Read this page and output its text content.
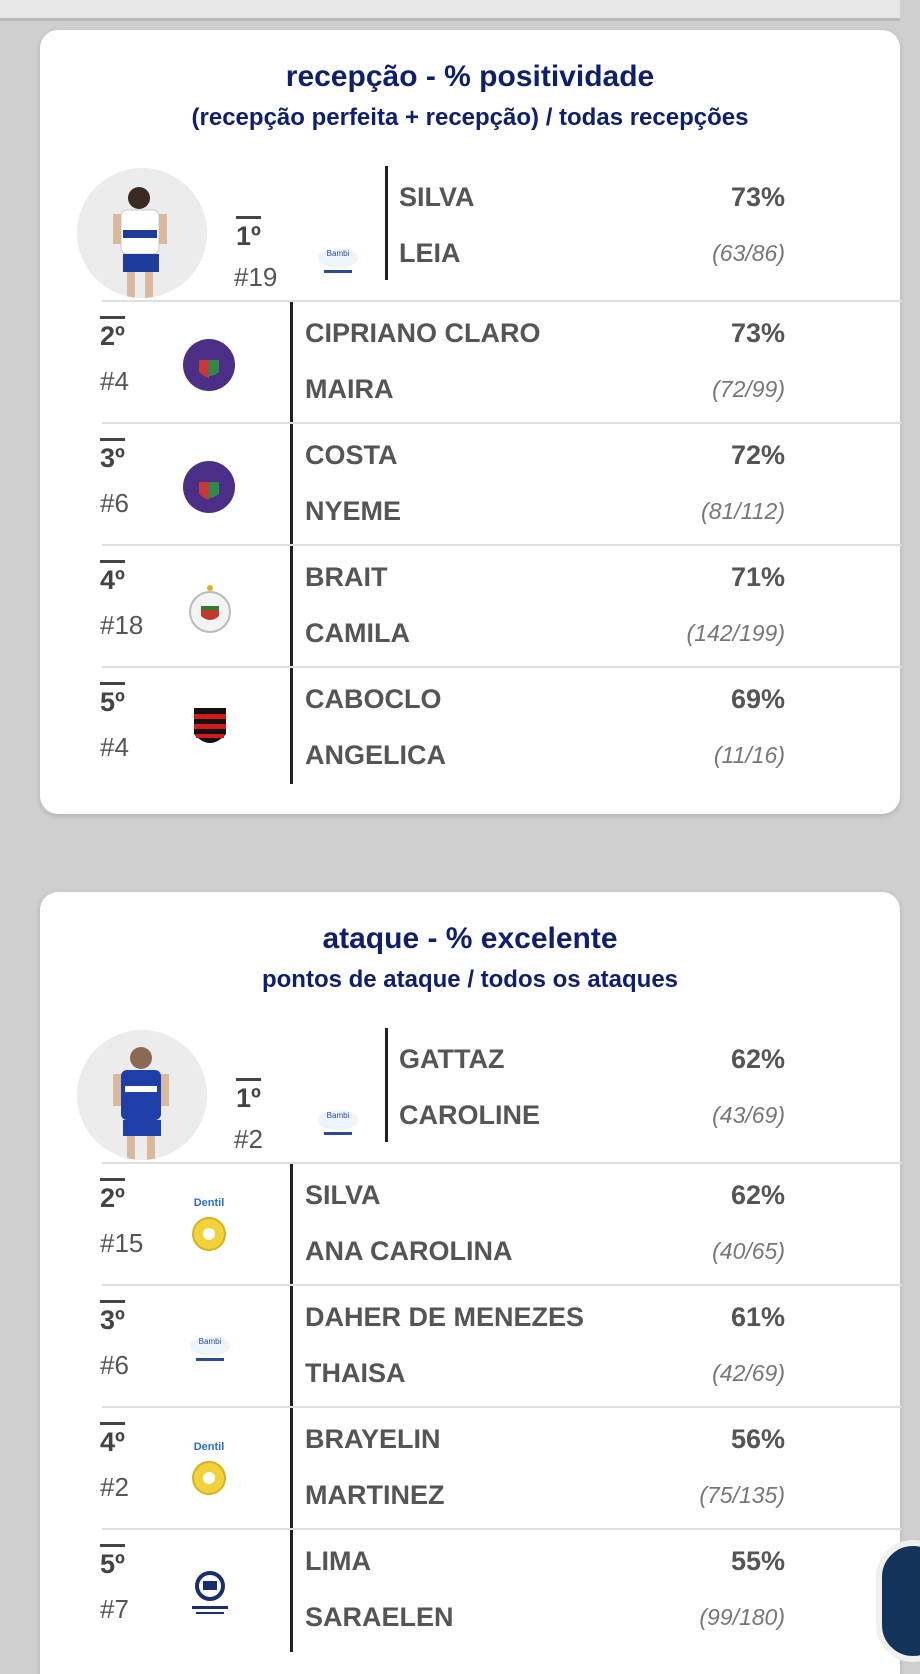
recepção - % positividade
(recepção perfeita + recepção) / todas recepções
1º
#19
Bambi
SILVA
LEIA
73%
(63/86)
2º
#4
CIPRIANO CLARO
MAIRA
73%
(72/99)
3º
#6
COSTA
NYEME
72%
(81/112)
4º
#18
BRAIT
CAMILA
71%
(142/199)
5º
#4
CABOCLO
ANGELICA
69%
(11/16)
ataque - % excelente
pontos de ataque / todos os ataques
1º
#2
Bambi
GATTAZ
CAROLINE
62%
(43/69)
2º
#15
Dentil	SILVA
ANA CAROLINA
62%
(40/65)
3º
#6
Bambi
DAHER DE MENEZES
THAISA
61%
(42/69)
4º
#2
Dentil	BRAYELIN
MARTINEZ
56%
(75/135)
5º
#7
LIMA
SARAELEN
55%
(99/180)
